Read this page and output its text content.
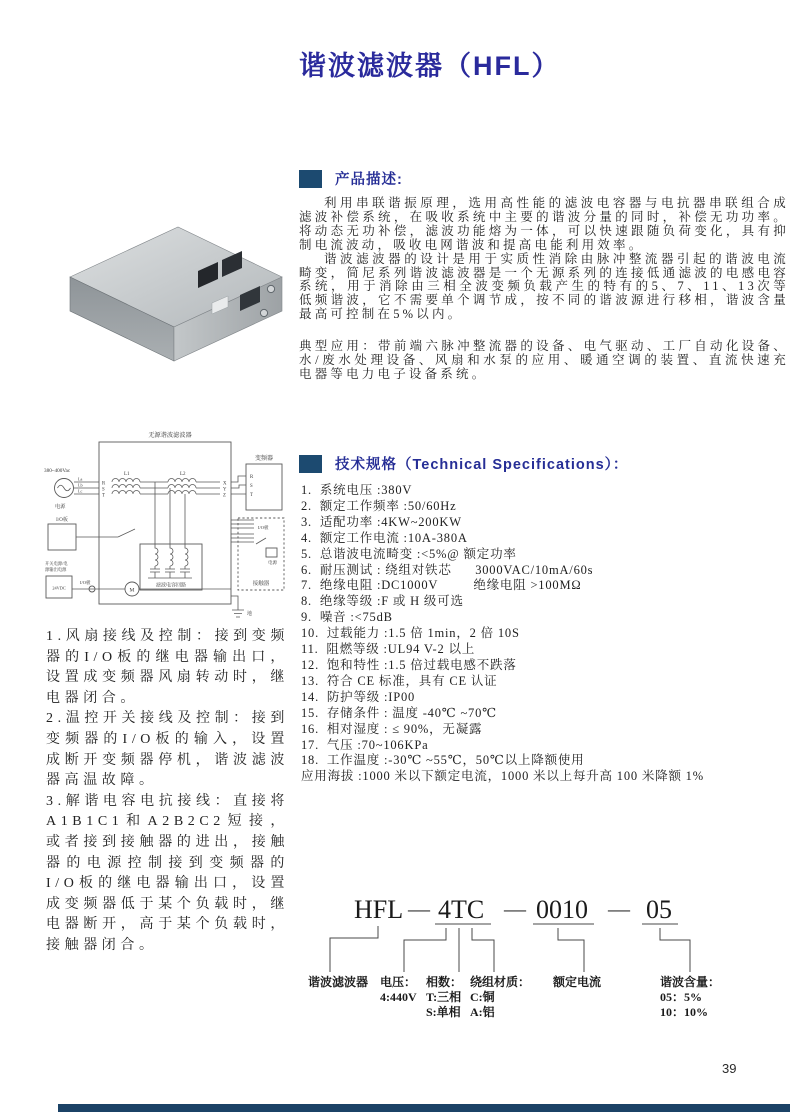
谐波滤波器（HFL）
产品描述:

利用串联谐振原理，选用高性能的滤波电容器与电抗器串联组合成滤波补偿系统，在吸收系统中主要的谐波分量的同时，补偿无功功率。将动态无功补偿，滤波功能熔为一体，可以快速跟随负荷变化，具有抑制电流波动，吸收电网谐波和提高电能利用效率。

谐波滤波器的设计是用于实质性消除由脉冲整流器引起的谐波电流畸变，简尼系列谐波滤波器是一个无源系列的连接低通滤波的电感电容系统，用于消除由三相全波变频负载产生的特有的5、7、11、13次等低频谐波，它不需要单个调节成，按不同的谐波源进行移相，谐波含量最高可控制在5%以内。

典型应用：带前端六脉冲整流器的设备、电气驱动、工厂自动化设备、水/废水处理设备、风扇和水泵的应用、暖通空调的装置、直流快速充电器等电力电子设备系统。

无源谐波滤波器
380~400Vac
电源
La
Lb
Lc
R
S
T
L1	L2
X
Y
Z
变频器
R
S
T
滤波电容回路
I/O板
电源
接触器
I/O板
开关电源/电
源输出电源
24VDC
I/O板
M
地

1.风扇接线及控制：接到变频器的I/O板的继电器输出口，设置成变频器风扇转动时，继电器闭合。

2.温控开关接线及控制：接到变频器的I/O板的输入，设置成断开变频器停机，谐波滤波器高温故障。

3.解谐电容电抗接线：直接将A1B1C1和A2B2C2短接，或者接到接触器的进出，接触器的电源控制接到变频器的I/O板的继电器输出口，设置成变频器低于某个负载时，继电器断开，高于某个负载时，接触器闭合。

技术规格（Technical Specifications）：
1.  系统电压 :380V
2.  额定工作频率 :50/60Hz
3.  适配功率 :4KW~200KW
4.  额定工作电流 :10A-380A
5.  总谐波电流畸变 :<5%@ 额定功率
6.  耐压测试 : 绕组对铁芯      3000VAC/10mA/60s
7.  绝缘电阻 :DC1000V         绝缘电阻 >100MΩ
8.  绝缘等级 :F 或 H 级可选
9.  噪音 :<75dB
10.  过载能力 :1.5 倍 1min，2 倍 10S
11.  阻燃等级 :UL94 V-2 以上
12.  饱和特性 :1.5 倍过载电感不跌落
13.  符合 CE 标准，具有 CE 认证
14.  防护等级 :IP00
15.  存储条件 : 温度 -40℃ ~70℃
16.  相对湿度 : ≤ 90%，无凝露
17.  气压 :70~106KPa
18.  工作温度 :-30℃ ~55℃，50℃以上降额使用
应用海拔 :1000 米以下额定电流，1000 米以上每升高 100 米降额 1%
HFL — 4TC — 0010 — 05
谐波滤波器 电压：
4:440V
相数：
T:三相
S:单相
绕组材质：
C:铜
A:铝
额定电流	谐波含量：
05：5%
10：10%
39
